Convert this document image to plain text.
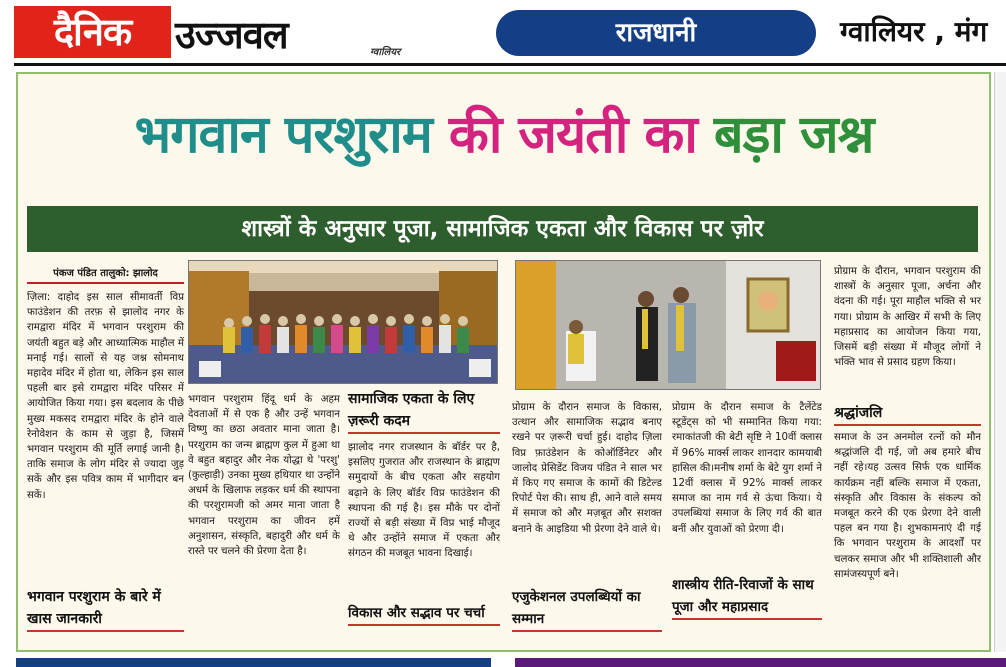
दैनिक	उज्जवल	ग्वालियर
राजधानी	ग्वालियर , मंग
भगवान परशुराम की जयंती का बड़ा जश्न
शास्त्रों के अनुसार पूजा, सामाजिक एकता और विकास पर ज़ोर
पंकज पंडित तालुको: झालोद
ज़िला: दाहोद इस साल सीमावर्ती विप्र फाउंडेशन की तरफ़ से झालोद नगर के रामद्वारा मंदिर में भगवान परशुराम की जयंती बहुत बड़े और आध्यात्मिक माहौल में मनाई गई। सालों से यह जश्न सोमनाथ महादेव मंदिर में होता था, लेकिन इस साल पहली बार इसे रामद्वारा मंदिर परिसर में आयोजित किया गया। इस बदलाव के पीछे मुख्य मकसद रामद्वारा मंदिर के होने वाले रेनोवेशन के काम से जुड़ा है, जिसमें भगवान परशुराम की मूर्ति लगाई जानी है। ताकि समाज के लोग मंदिर से ज्यादा जुड़ सकें और इस पवित्र काम में भागीदार बन सकें।
भगवान परशुराम के बारे में खास जानकारी
भगवान परशुराम हिंदू धर्म के अहम देवताओं में से एक है और उन्हें भगवान विष्णु का छठा अवतार माना जाता है।परशुराम का जन्म ब्राह्मण कुल में हुआ था वे बहुत बहादुर और नेक योद्धा थे 'परशु' (कुल्हाड़ी) उनका मुख्य हथियार था उन्होंने अधर्म के खिलाफ लड़कर धर्म की स्थापना की परशुरामजी को अमर माना जाता है भगवान परशुराम का जीवन हमें अनुशासन, संस्कृति, बहादुरी और धर्म के रास्ते पर चलने की प्रेरणा देता है।
सामाजिक एकता के लिए ज़रूरी कदम
झालोद नगर राजस्थान के बॉर्डर पर है, इसलिए गुजरात और राजस्थान के ब्राह्मण समुदायों के बीच एकता और सहयोग बढ़ाने के लिए बॉर्डर विप्र फाउंडेशन की स्थापना की गई है। इस मौके पर दोनों राज्यों से बड़ी संख्या में विप्र भाई मौजूद थे और उन्होंने समाज में एकता और संगठन की मजबूत भावना दिखाई।
विकास और सद्भाव पर चर्चा
प्रोग्राम के दौरान समाज के विकास, उत्थान और सामाजिक सद्भाव बनाए रखने पर ज़रूरी चर्चा हुई। दाहोद ज़िला विप्र फ़ाउंडेशन के कोऑर्डिनेटर और जालोद प्रेसिडेंट विजय पंडित ने साल भर में किए गए समाज के कामों की डिटेल्ड रिपोर्ट पेश की। साथ ही, आने वाले समय में समाज को और मज़बूत और सशक्त बनाने के आइडिया भी प्रेरणा देने वाले थे।
एजुकेशनल उपलब्धियों का सम्मान
प्रोग्राम के दौरान समाज के टैलेंटेड स्टूडेंट्स को भी सम्मानित किया गया: रमाकांतजी की बेटी सृष्टि ने 10वीं क्लास में 96% मार्क्स लाकर शानदार कामयाबी हासिल की।मनीष शर्मा के बेटे युग शर्मा ने 12वीं क्लास में 92% मार्क्स लाकर समाज का नाम गर्व से ऊंचा किया। ये उपलब्धियां समाज के लिए गर्व की बात बनीं और युवाओं को प्रेरणा दी।
शास्त्रीय रीति-रिवाजों के साथ पूजा और महाप्रसाद
प्रोग्राम के दौरान, भगवान परशुराम की शास्त्रों के अनुसार पूजा, अर्चना और वंदना की गई। पूरा माहौल भक्ति से भर गया। प्रोग्राम के आखिर में सभी के लिए महाप्रसाद का आयोजन किया गया, जिसमें बड़ी संख्या में मौजूद लोगों ने भक्ति भाव से प्रसाद ग्रहण किया।
श्रद्धांजलि
समाज के उन अनमोल रत्नों को मौन श्रद्धांजलि दी गई, जो अब हमारे बीच नहीं रहे।यह उत्सव सिर्फ एक धार्मिक कार्यक्रम नहीं बल्कि समाज में एकता, संस्कृति और विकास के संकल्प को मजबूत करने की एक प्रेरणा देने वाली पहल बन गया है। शुभकामनाएं दी गई कि भगवान परशुराम के आदर्शों पर चलकर समाज और भी शक्तिशाली और सामंजस्यपूर्ण बने।
